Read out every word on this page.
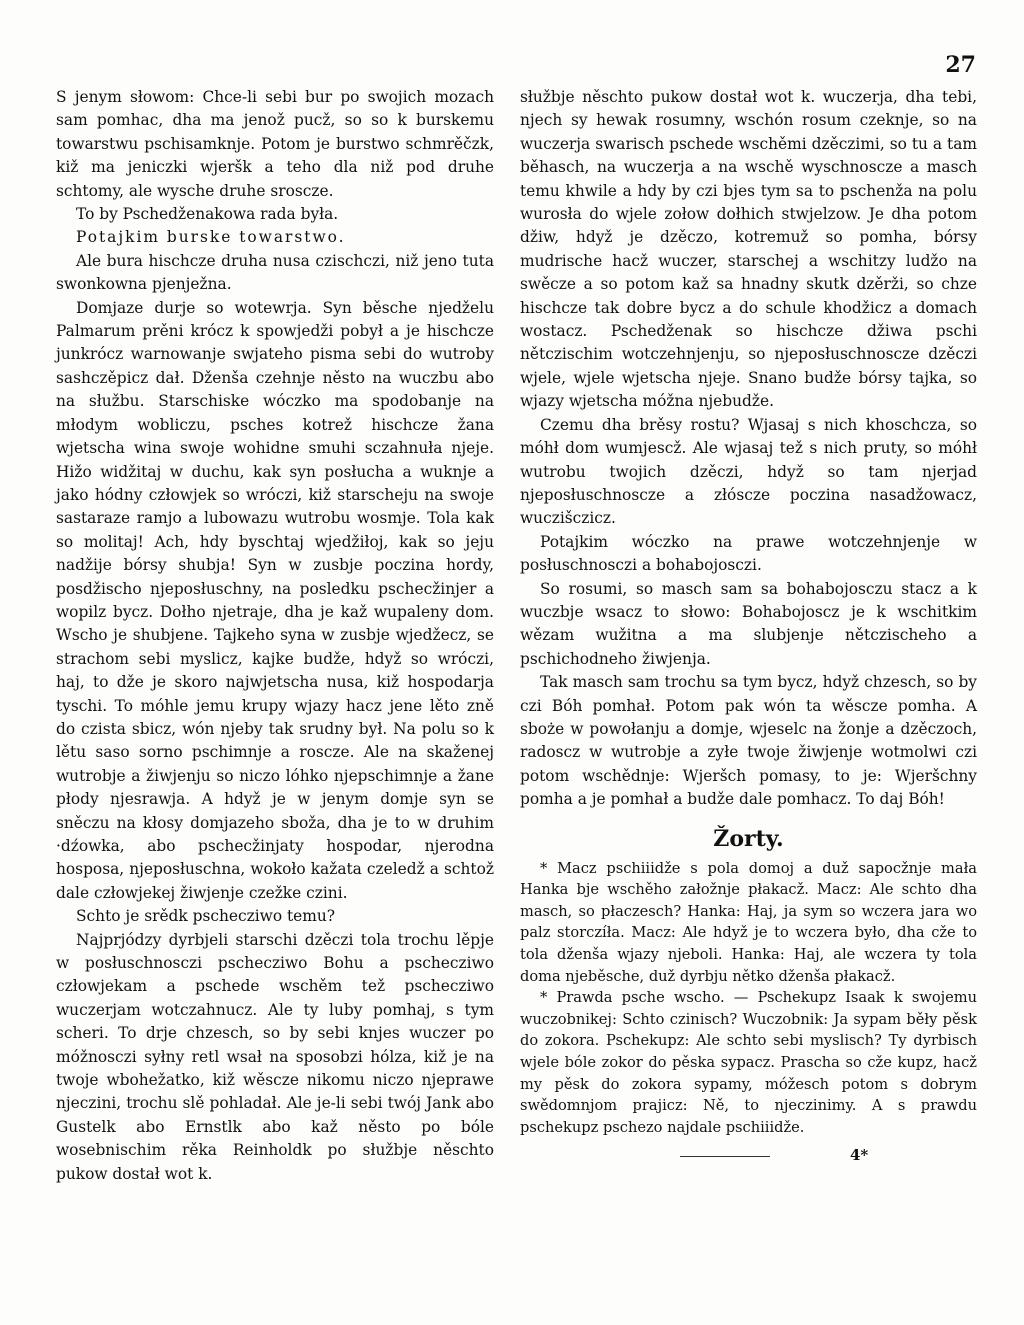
27

S jenym słowom: Chce-li sebi bur po swojich mozach sam pomhac, dha ma jenož pucž, so so k burskemu towarstwu pschisamknje. Potom je burstwo schmrěčzk, kiž ma jeniczki wjeršk a teho dla niž pod druhe schtomy, ale wysche druhe sroscze.

To by Pschedženakowa rada była.

Potajkim burske towarstwo.

Ale bura hischcze druha nusa czischczi, niž jeno tuta swonkowna pjenježna.

Domjaze durje so wotewrja. Syn běsche njedželu Palmarum prěni krócz k spowjedži pobył a je hischcze junkrócz warnowanje swjateho pisma sebi do wutroby sashczěpicz dał. Dženša czehnje něsto na wuczbu abo na słužbu. Starschiske wóczko ma spodobanje na młodym wobliczu, psches kotrež hischcze žana wjetscha wina swoje wohidne smuhi sczahnuła njeje. Hižo widžitaj w duchu, kak syn posłucha a wuknje a jako hódny człowjek so wróczi, kiž starscheju na swoje sastaraze ramjo a lubowazu wutrobu wosmje. Tola kak so molitaj! Ach, hdy byschtaj wjedžiłoj, kak so jeju nadžije bórsy shubja! Syn w zusbje poczina hordy, posdžischo njeposłuschny, na posledku pschecžinjer a wopilz bycz. Dołho njetraje, dha je kaž wupaleny dom. Wscho je shubjene. Tajkeho syna w zusbje wjedžecz, se strachom sebi myslicz, kajke budže, hdyž so wróczi, haj, to dže je skoro najwjetscha nusa, kiž hospodarja tyschi. To móhle jemu krupy wjazy hacz jene lěto zně do czista sbicz, wón njeby tak srudny był. Na polu so k lětu saso sorno pschimnje a roscze. Ale na skaženej wutrobje a žiwjenju so niczo lóhko njepschimnje a žane płody njesrawja. A hdyž je w jenym domje syn se sněczu na kłosy domjazeho sboža, dha je to w druhim ·dźowka, abo pschecžinjaty hospodar, njerodna hosposa, njeposłuschna, wokoło kažata czeledž a schtož dale człowjekej žiwjenje czežke czini.

Schto je srědk pschecziwo temu?

Najprjódzy dyrbjeli starschi dzěczi tola trochu lěpje w posłuschnosczi pschecziwo Bohu a pschecziwo człowjekam a pschede wschěm tež pschecziwo wuczerjam wotczahnucz. Ale ty luby pomhaj, s tym scheri. To drje chzesch, so by sebi knjes wuczer po móžnosczi syłny retl wsał na sposobzi hólza, kiž je na twoje wbohežatko, kiž wěscze nikomu niczo njeprawe njeczini, trochu slě pohladał. Ale je-li sebi twój Jank abo Gustelk abo Ernstlk abo kaž něsto po bóle wosebnischim rěka Reinholdk po słužbje něschto pukow dostał wot k.

słužbje něschto pukow dostał wot k. wuczerja, dha tebi, njech sy hewak rosumny, wschón rosum czeknje, so na wuczerja swarisch pschede wschěmi dzěczimi, so tu a tam běhasch, na wuczerja a na wschě wyschnoscze a masch temu khwile a hdy by czi bjes tym sa to pschenža na polu wurosła do wjele zołow dołhich stwjelzow. Je dha potom džiw, hdyž je dzěczo, kotremuž so pomha, bórsy mudrische hacž wuczer, starschej a wschitzy ludžo na swěcze a so potom kaž sa hnadny skutk dzěrži, so chze hischcze tak dobre bycz a do schule khodžicz a domach wostacz. Pschedženak so hischcze džiwa pschi nětczischim wotczehnjenju, so njeposłuschnoscze dzěczi wjele, wjele wjetscha njeje. Snano budže bórsy tajka, so wjazy wjetscha móžna njebudže.

Czemu dha brěsy rostu? Wjasaj s nich khoschcza, so móhł dom wumjescž. Ale wjasaj tež s nich pruty, so móhł wutrobu twojich dzěczi, hdyž so tam njerjad njeposłuschnoscze a złóscze poczina nasadžowacz, wuczišczicz.

Potajkim wóczko na prawe wotczehnjenje w posłuschnosczi a bohabojosczi.

So rosumi, so masch sam sa bohabojosczu stacz a k wuczbje wsacz to słowo: Bohabojoscz je k wschitkim wězam wužitna a ma slubjenje nětczischeho a pschichodneho žiwjenja.

Tak masch sam trochu sa tym bycz, hdyž chzesch, so by czi Bóh pomhał. Potom pak wón ta wěscze pomha. A sboże w powołanju a domje, wjeselc na žonje a dzěczoch, radoscz w wutrobje a zyłe twoje žiwjenje wotmolwi czi potom wschědnje: Wjeršch pomasy, to je: Wjeršchny pomha a je pomhał a budže dale pomhacz. To daj Bóh!

Žorty.

* Macz pschiiidže s pola domoj a duž sapocžnje mała Hanka bje wschěho załožnje płakacž. Macz: Ale schto dha masch, so płaczesch? Hanka: Haj, ja sym so wczera jara wo palz storczíła. Macz: Ale hdyž je to wczera było, dha cže to tola dženša wjazy njeboli. Hanka: Haj, ale wczera ty tola doma njeběsche, duž dyrbju nětko dženša płakacž.

* Prawda psche wscho. — Pschekupz Isaak k swojemu wuczobnikej: Schto czinisch? Wuczobnik: Ja sypam běły pěsk do zokora. Pschekupz: Ale schto sebi myslisch? Ty dyrbisch wjele bóle zokor do pěska sypacz. Prascha so cže kupz, hacž my pěsk do zokora sypamy, móžesch potom s dobrym swědomnjom prajicz: Ně, to njeczinimy. A s prawdu pschekupz pschezo najdale pschiiidže.

4*
